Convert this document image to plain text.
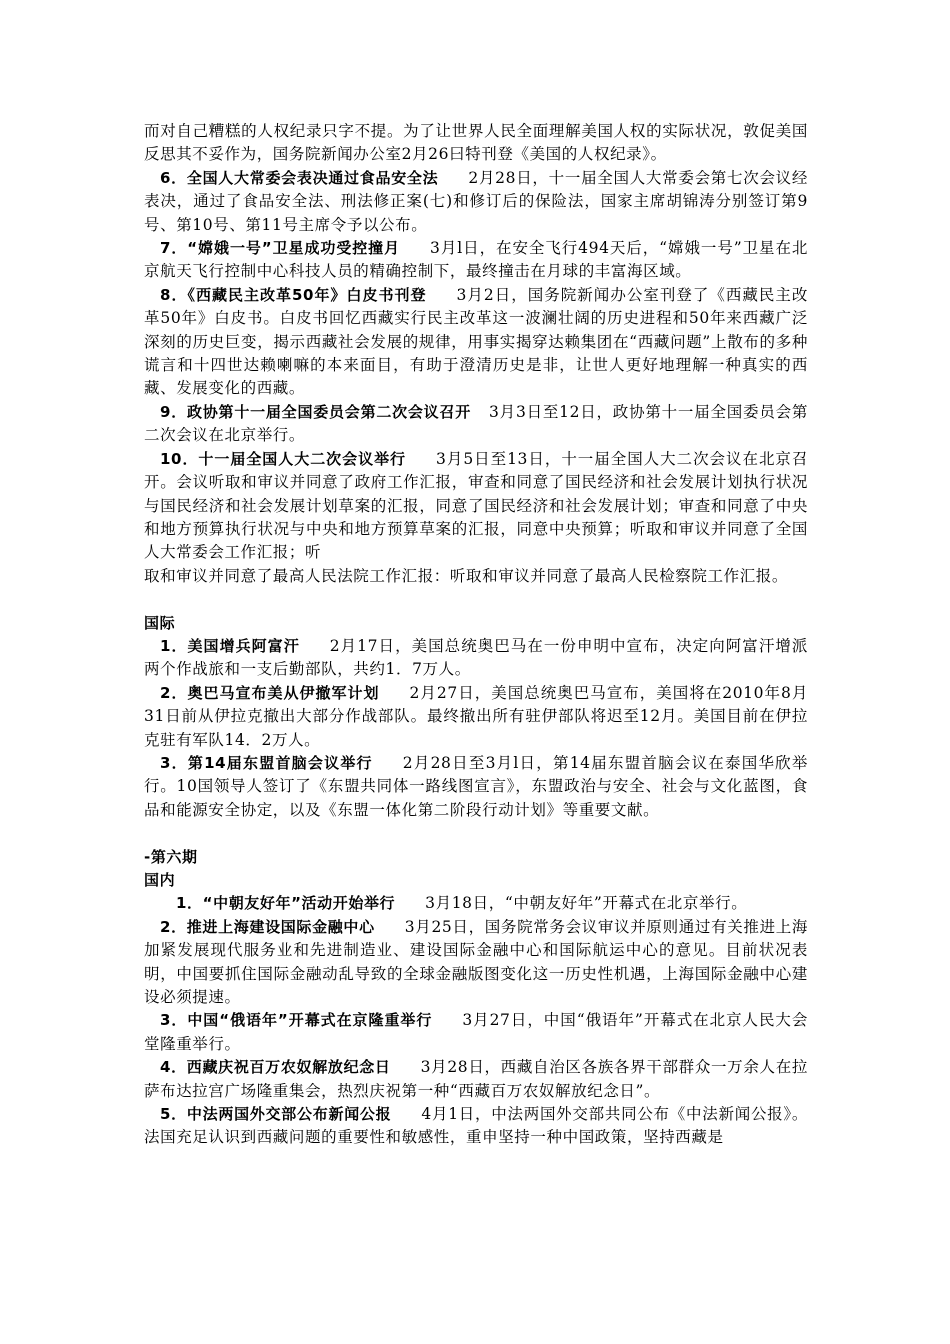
而对自己糟糕的人权纪录只字不提。为了让世界人民全面理解美国人权的实际状况，敦促美国反思其不妥作为，国务院新闻办公室2月26曰特刊登《美国的人权纪录》。

6．全国人大常委会表决通过食品安全法 2月28日，十一届全国人大常委会第七次会议经表决，通过了食品安全法、刑法修正案(七)和修订后的保险法，国家主席胡锦涛分别签订第9号、第10号、第11号主席令予以公布。

7．“嫦娥一号”卫星成功受控撞月 3月l日，在安全飞行494天后，“嫦娥一号”卫星在北京航天飞行控制中心科技人员的精确控制下，最终撞击在月球的丰富海区域。

8．《西藏民主改革50年》白皮书刊登 3月2日，国务院新闻办公室刊登了《西藏民主改革50年》白皮书。白皮书回忆西藏实行民主改革这一波澜壮阔的历史进程和50年来西藏广泛深刻的历史巨变，揭示西藏社会发展的规律，用事实揭穿达赖集团在“西藏问题”上散布的多种谎言和十四世达赖喇嘛的本来面目，有助于澄清历史是非，让世人更好地理解一种真实的西藏、发展变化的西藏。

9．政协第十一届全国委员会第二次会议召开 3月3日至12日，政协第十一届全国委员会第二次会议在北京举行。

10．十一届全国人大二次会议举行 3月5日至13日，十一届全国人大二次会议在北京召开。会议听取和审议并同意了政府工作汇报，审查和同意了国民经济和社会发展计划执行状况与国民经济和社会发展计划草案的汇报，同意了国民经济和社会发展计划；审查和同意了中央和地方预算执行状况与中央和地方预算草案的汇报，同意中央预算；听取和审议并同意了全国人大常委会工作汇报；听

取和审议并同意了最高人民法院工作汇报：听取和审议并同意了最高人民检察院工作汇报。

国际

1．美国增兵阿富汗 2月17日，美国总统奥巴马在一份申明中宣布，决定向阿富汗增派两个作战旅和一支后勤部队，共约1．7万人。

2．奥巴马宣布美从伊撤军计划 2月27日，美国总统奥巴马宣布，美国将在2010年8月31日前从伊拉克撤出大部分作战部队。最终撤出所有驻伊部队将迟至12月。美国目前在伊拉克驻有军队14．2万人。

3．第14届东盟首脑会议举行 2月28日至3月l日，第14届东盟首脑会议在泰国华欣举行。10国领导人签订了《东盟共同体一路线图宣言》，东盟政治与安全、社会与文化蓝图，食品和能源安全协定，以及《东盟一体化第二阶段行动计划》等重要文献。

-第六期

国内

1．“中朝友好年”活动开始举行 3月18日，“中朝友好年”开幕式在北京举行。

2．推进上海建设国际金融中心 3月25日，国务院常务会议审议并原则通过有关推进上海加紧发展现代服务业和先进制造业、建设国际金融中心和国际航运中心的意见。目前状况表明，中国要抓住国际金融动乱导致的全球金融版图变化这一历史性机遇，上海国际金融中心建设必须提速。

3．中国“俄语年”开幕式在京隆重举行 3月27日，中国“俄语年”开幕式在北京人民大会堂隆重举行。

4．西藏庆祝百万农奴解放纪念日 3月28日，西藏自治区各族各界干部群众一万余人在拉萨布达拉宫广场隆重集会，热烈庆祝第一种“西藏百万农奴解放纪念日”。

5．中法两国外交部公布新闻公报 4月1日，中法两国外交部共同公布《中法新闻公报》。法国充足认识到西藏问题的重要性和敏感性，重申坚持一种中国政策，坚持西藏是
